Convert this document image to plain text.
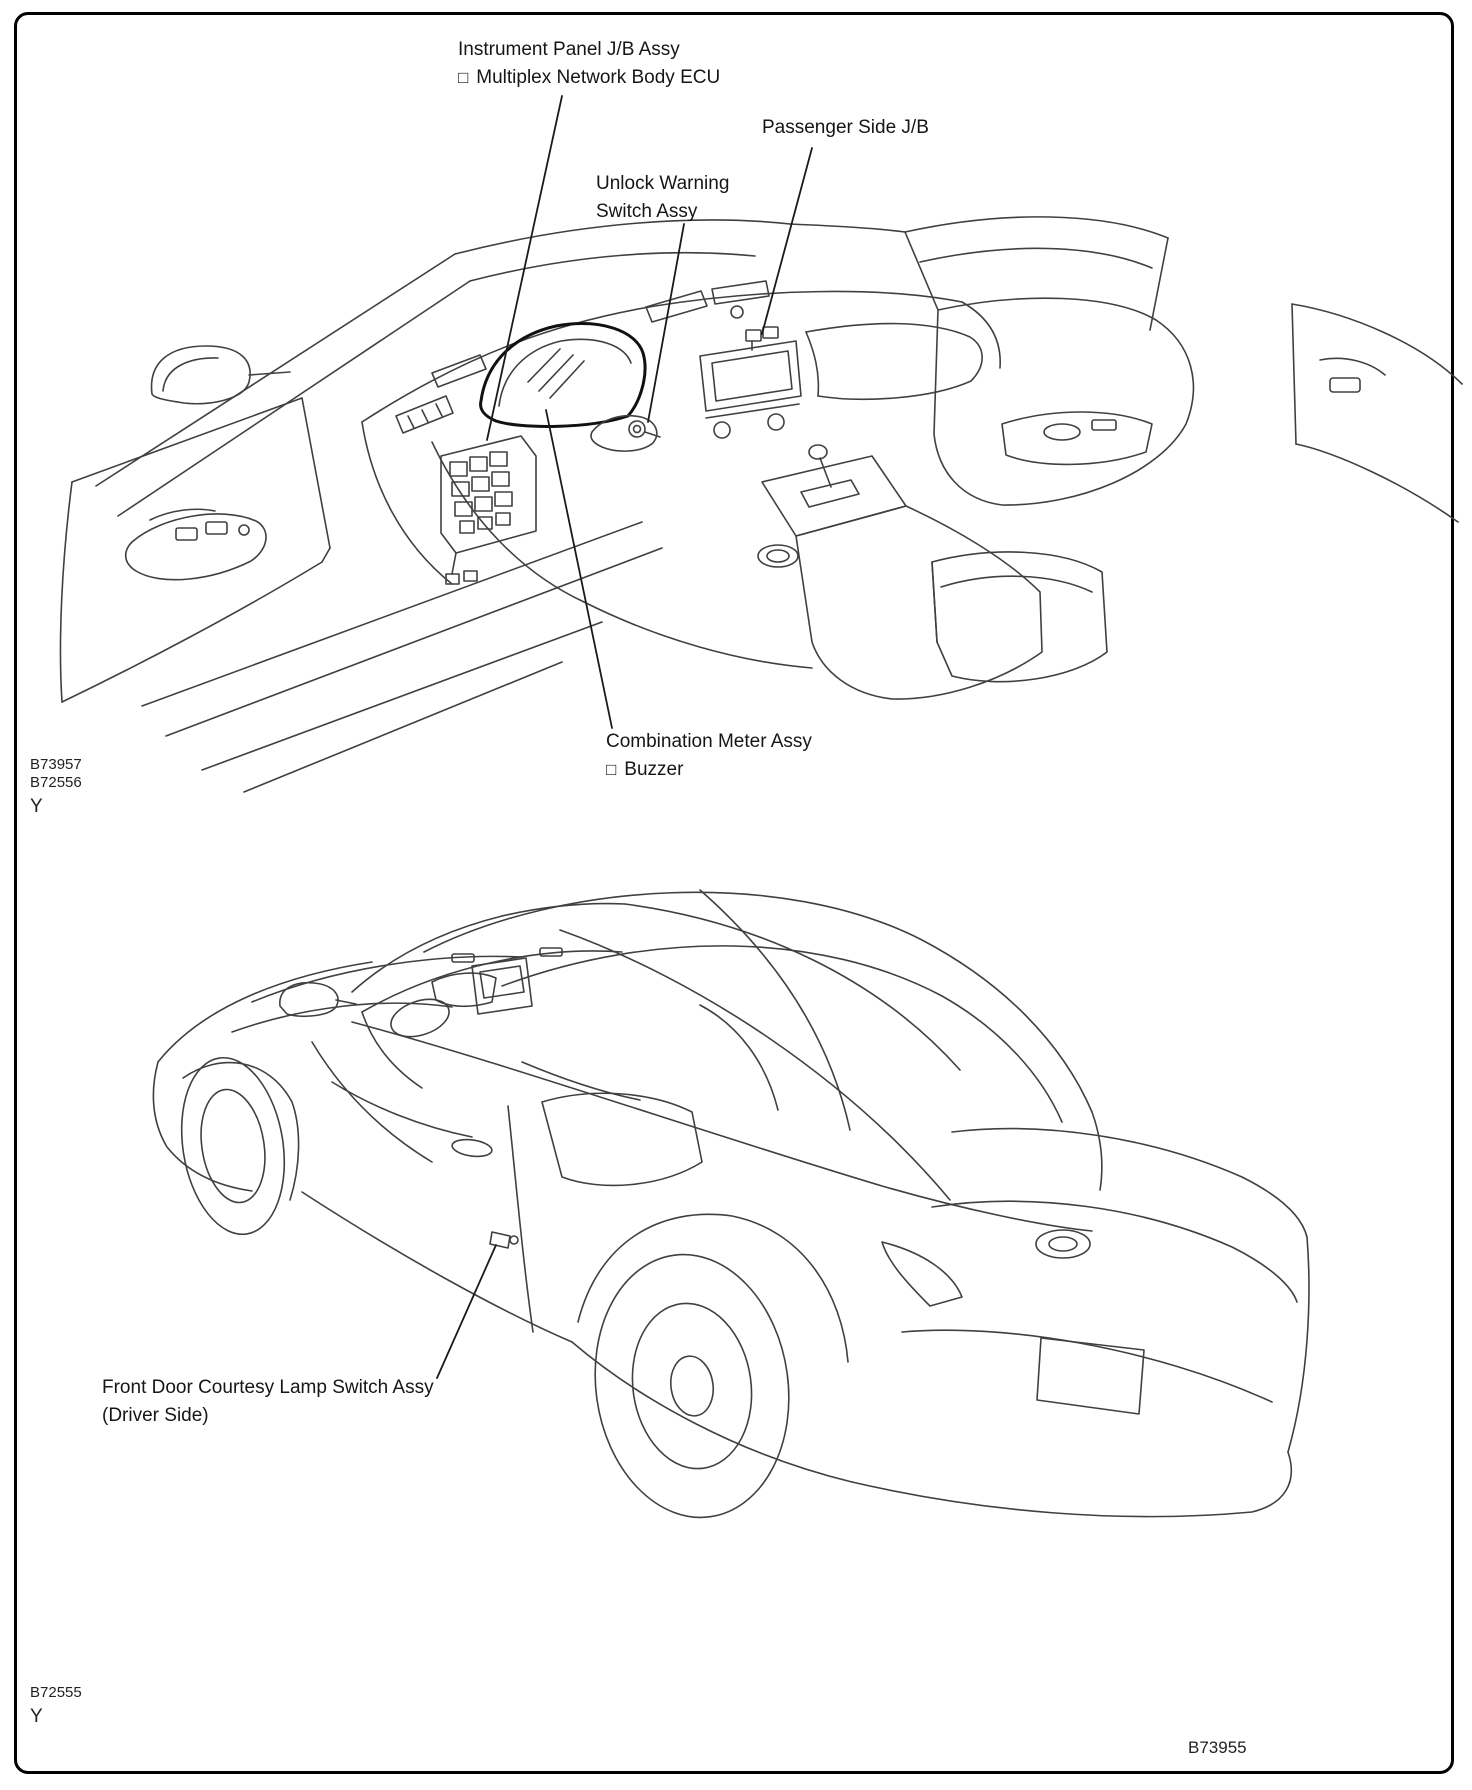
Instrument Panel J/B Assy
□ Multiplex Network Body ECU
Passenger Side J/B
Unlock Warning
Switch Assy
Combination Meter Assy
□ Buzzer
B73957
B72556
Y
Front Door Courtesy Lamp Switch Assy
(Driver Side)
B72555
Y
B73955
